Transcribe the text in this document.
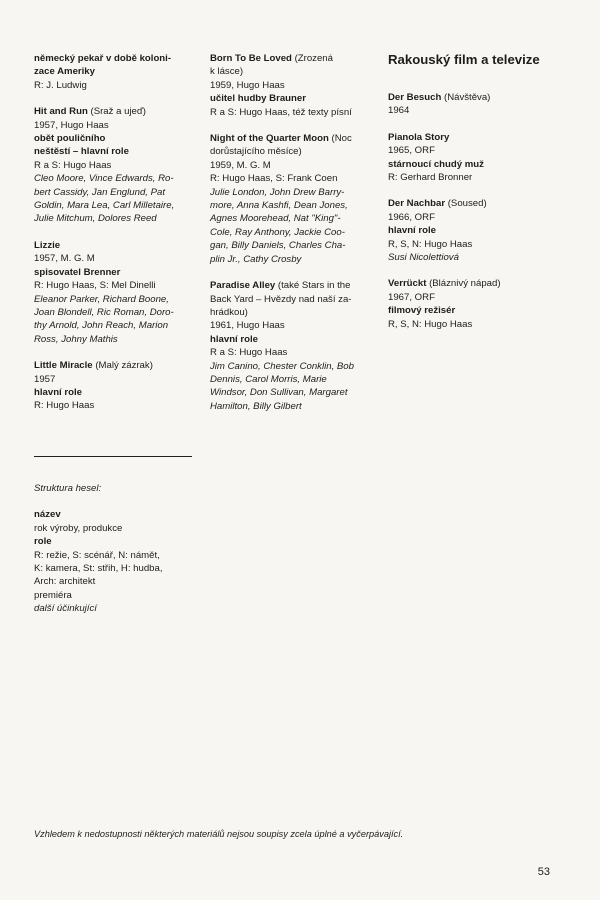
německý pekař v době koloni-
zace Ameriky
R: J. Ludwig
Hit and Run (Sraž a ujeď)
1957, Hugo Haas
obět pouličního
neštěstí – hlavní role
R a S: Hugo Haas
Cleo Moore, Vince Edwards, Ro-
bert Cassidy, Jan Englund, Pat
Goldin, Mara Lea, Carl Milletaire,
Julie Mitchum, Dolores Reed
Lizzie
1957, M. G. M
spisovatel Brenner
R: Hugo Haas, S: Mel Dinelli
Eleanor Parker, Richard Boone,
Joan Blondell, Ric Roman, Doro-
thy Arnold, John Reach, Marion
Ross, Johny Mathis
Little Miracle (Malý zázrak)
1957
hlavní role
R: Hugo Haas
Born To Be Loved (Zrozená
k lásce)
1959, Hugo Haas
učitel hudby Brauner
R a S: Hugo Haas, též texty písní
Night of the Quarter Moon (Noc
dorůstajícího měsíce)
1959, M. G. M
R: Hugo Haas, S: Frank Coen
Julie London, John Drew Barry-
more, Anna Kashfi, Dean Jones,
Agnes Moorehead, Nat "King"-
Cole, Ray Anthony, Jackie Coo-
gan, Billy Daniels, Charles Cha-
plin Jr., Cathy Crosby
Paradise Alley (také Stars in the
Back Yard – Hvězdy nad naší za-
hrádkou)
1961, Hugo Haas
hlavní role
R a S: Hugo Haas
Jim Canino, Chester Conklin, Bob
Dennis, Carol Morris, Marie
Windsor, Don Sullivan, Margaret
Hamilton, Billy Gilbert
Rakouský film a televize
Der Besuch (Návštěva)
1964
Pianola Story
1965, ORF
stárnoucí chudý muž
R: Gerhard Bronner
Der Nachbar (Soused)
1966, ORF
hlavní role
R, S, N: Hugo Haas
Susi Nicolettiová
Verrückt (Bláznivý nápad)
1967, ORF
filmový režisér
R, S, N: Hugo Haas
Struktura hesel:
název
rok výroby, produkce
role
R: režie, S: scénář, N: námět,
K: kamera, St: střih, H: hudba,
Arch: architekt
premiéra
další účinkující
Vzhledem k nedostupnosti některých materiálů nejsou soupisy zcela úplné a vyčerpávající.
53
